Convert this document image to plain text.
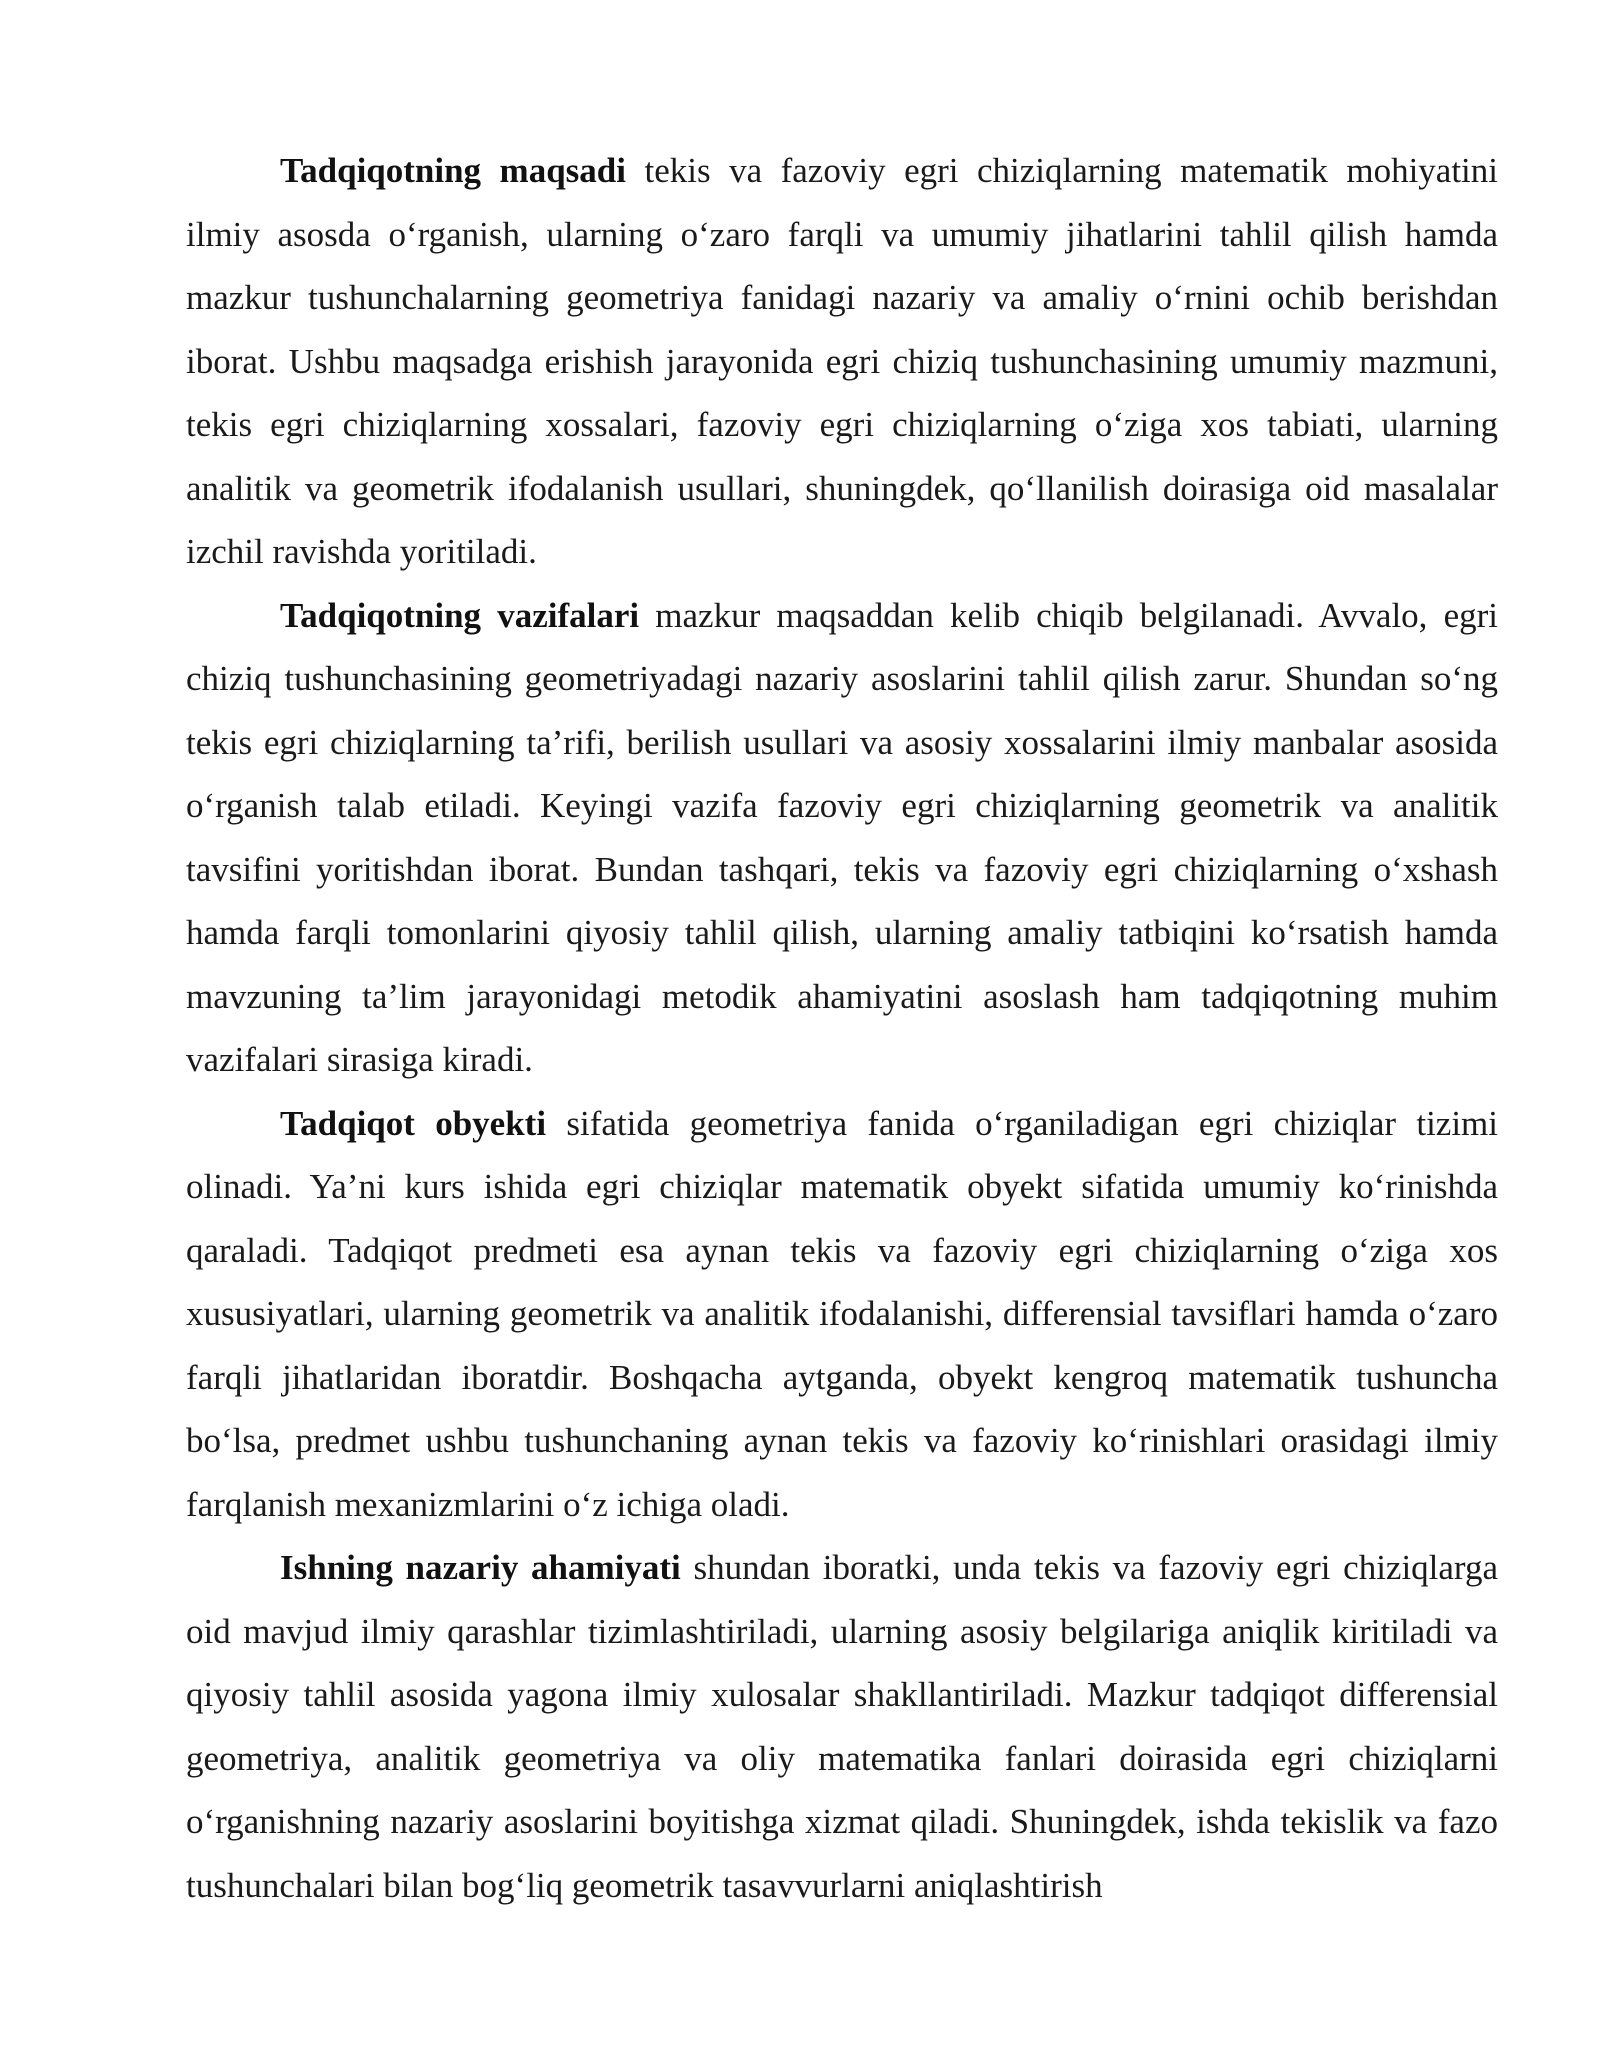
Tadqiqotning maqsadi tekis va fazoviy egri chiziqlarning matematik mohiyatini ilmiy asosda o‘rganish, ularning o‘zaro farqli va umumiy jihatlarini tahlil qilish hamda mazkur tushunchalarning geometriya fanidagi nazariy va amaliy o‘rnini ochib berishdan iborat. Ushbu maqsadga erishish jarayonida egri chiziq tushunchasining umumiy mazmuni, tekis egri chiziqlarning xossalari, fazoviy egri chiziqlarning o‘ziga xos tabiati, ularning analitik va geometrik ifodalanish usullari, shuningdek, qo‘llanilish doirasiga oid masalalar izchil ravishda yoritiladi.

Tadqiqotning vazifalari mazkur maqsaddan kelib chiqib belgilanadi. Avvalo, egri chiziq tushunchasining geometriyadagi nazariy asoslarini tahlil qilish zarur. Shundan so‘ng tekis egri chiziqlarning ta’rifi, berilish usullari va asosiy xossalarini ilmiy manbalar asosida o‘rganish talab etiladi. Keyingi vazifa fazoviy egri chiziqlarning geometrik va analitik tavsifini yoritishdan iborat. Bundan tashqari, tekis va fazoviy egri chiziqlarning o‘xshash hamda farqli tomonlarini qiyosiy tahlil qilish, ularning amaliy tatbiqini ko‘rsatish hamda mavzuning ta’lim jarayonidagi metodik ahamiyatini asoslash ham tadqiqotning muhim vazifalari sirasiga kiradi.

Tadqiqot obyekti sifatida geometriya fanida o‘rganiladigan egri chiziqlar tizimi olinadi. Ya’ni kurs ishida egri chiziqlar matematik obyekt sifatida umumiy ko‘rinishda qaraladi. Tadqiqot predmeti esa aynan tekis va fazoviy egri chiziqlarning o‘ziga xos xususiyatlari, ularning geometrik va analitik ifodalanishi, differensial tavsiflari hamda o‘zaro farqli jihatlaridan iboratdir. Boshqacha aytganda, obyekt kengroq matematik tushuncha bo‘lsa, predmet ushbu tushunchaning aynan tekis va fazoviy ko‘rinishlari orasidagi ilmiy farqlanish mexanizmlarini o‘z ichiga oladi.

Ishning nazariy ahamiyati shundan iboratki, unda tekis va fazoviy egri chiziqlarga oid mavjud ilmiy qarashlar tizimlashtiriladi, ularning asosiy belgilariga aniqlik kiritiladi va qiyosiy tahlil asosida yagona ilmiy xulosalar shakllantiriladi. Mazkur tadqiqot differensial geometriya, analitik geometriya va oliy matematika fanlari doirasida egri chiziqlarni o‘rganishning nazariy asoslarini boyitishga xizmat qiladi. Shuningdek, ishda tekislik va fazo tushunchalari bilan bog‘liq geometrik tasavvurlarni aniqlashtirish
